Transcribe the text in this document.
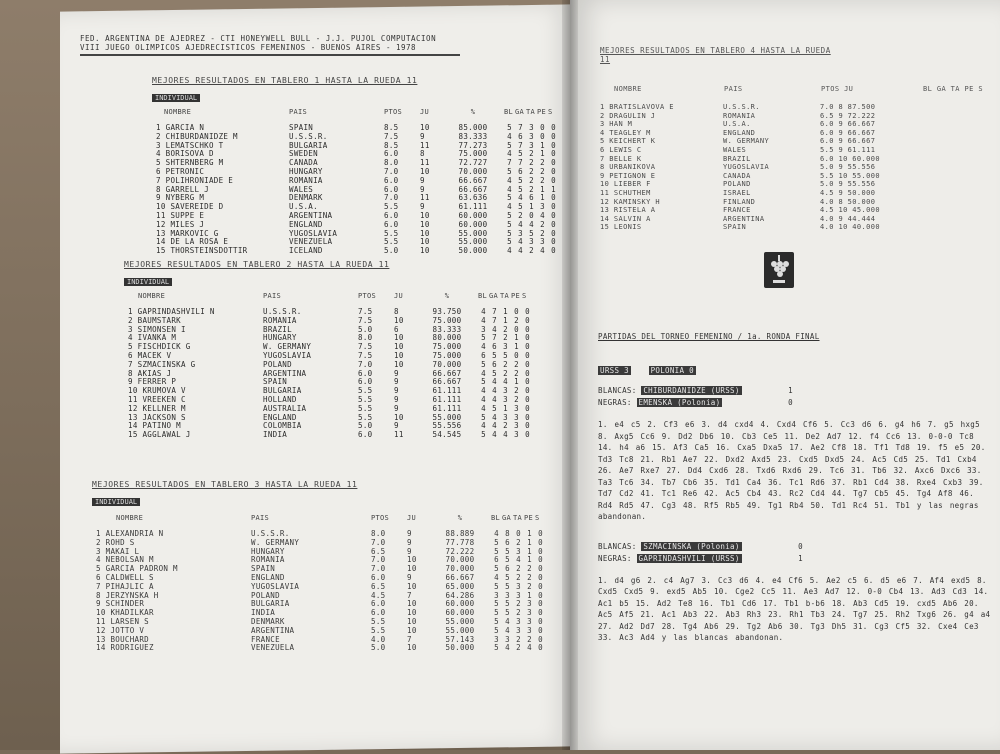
FED. ARGENTINA DE AJEDREZ - CTI HONEYWELL BULL - J.J. PUJOL COMPUTACION
VIII JUEGO OLIMPICOS AJEDRECISTICOS FEMENINOS - BUENOS AIRES - 1978
MEJORES RESULTADOS EN TABLERO 1 HASTA LA RUEDA 11
INDIVIDUAL
NOMBRE	PAIS	PTOS	JU	%	BL	GA	TA	PE	S
1 GARCIA N	SPAIN	8.5	10	85.000	5	7	3	0	0
2 CHIBURDANIDZE M	U.S.S.R.	7.5	9	83.333	4	6	3	0	0
3 LEMATSCHKO T	BULGARIA	8.5	11	77.273	5	7	3	1	0
4 BORISOVA D	SWEDEN	6.0	8	75.000	4	5	2	1	0
5 SHTERNBERG M	CANADA	8.0	11	72.727	7	7	2	2	0
6 PETRONIC	HUNGARY	7.0	10	70.000	5	6	2	2	0
7 POLIHRONIADE E	ROMANIA	6.0	9	66.667	4	5	2	2	0
8 GARRELL J	WALES	6.0	9	66.667	4	5	2	1	1
9 NYBERG M	DENMARK	7.0	11	63.636	5	4	6	1	0
10 SAVEREIDE D	U.S.A.	5.5	9	61.111	4	5	1	3	0
11 SUPPE E	ARGENTINA	6.0	10	60.000	5	2	0	4	0
12 MILES J	ENGLAND	6.0	10	60.000	5	4	4	2	0
13 MARKOVIC G	YUGOSLAVIA	5.5	10	55.000	5	3	5	2	0
14 DE LA ROSA E	VENEZUELA	5.5	10	55.000	5	4	3	3	0
15 THORSTEINSDOTTIR	ICELAND	5.0	10	50.000	4	4	2	4	0
MEJORES RESULTADOS EN TABLERO 2 HASTA LA RUEDA 11
INDIVIDUAL
NOMBRE	PAIS	PTOS	JU	%	BL	GA	TA	PE	S
1 GAPRINDASHVILI N	U.S.S.R.	7.5	8	93.750	4	7	1	0	0
2 BAUMSTARK	ROMANIA	7.5	10	75.000	4	7	1	2	0
3 SIMONSEN I	BRAZIL	5.0	6	83.333	3	4	2	0	0
4 IVANKA M	HUNGARY	8.0	10	80.000	5	7	2	1	0
5 FISCHDICK G	W. GERMANY	7.5	10	75.000	4	6	3	1	0
6 MACEK V	YUGOSLAVIA	7.5	10	75.000	6	5	5	0	0
7 SZMACINSKA G	POLAND	7.0	10	70.000	5	6	2	2	0
8 AKIAS J	ARGENTINA	6.0	9	66.667	4	5	2	2	0
9 FERRER P	SPAIN	6.0	9	66.667	5	4	4	1	0
10 KRUMOVA V	BULGARIA	5.5	9	61.111	4	4	3	2	0
11 VREEKEN C	HOLLAND	5.5	9	61.111	4	4	3	2	0
12 KELLNER M	AUSTRALIA	5.5	9	61.111	4	5	1	3	0
13 JACKSON S	ENGLAND	5.5	10	55.000	5	4	3	3	0
14 PATINO M	COLOMBIA	5.0	9	55.556	4	4	2	3	0
15 AGGLAWAL J	INDIA	6.0	11	54.545	5	4	4	3	0
MEJORES RESULTADOS EN TABLERO 3 HASTA LA RUEDA 11
INDIVIDUAL
NOMBRE	PAIS	PTOS	JU	%	BL	GA	TA	PE	S
1 ALEXANDRIA N	U.S.S.R.	8.0	9	88.889	4	8	0	1	0
2 ROHD S	W. GERMANY	7.0	9	77.778	5	6	2	1	0
3 MAKAI L	HUNGARY	6.5	9	72.222	5	5	3	1	0
4 NEBOLSAN M	ROMANIA	7.0	10	70.000	6	5	4	1	0
5 GARCIA PADRON M	SPAIN	7.0	10	70.000	5	6	2	2	0
6 CALDWELL S	ENGLAND	6.0	9	66.667	4	5	2	2	0
7 PIHAJLIC A	YUGOSLAVIA	6.5	10	65.000	5	5	3	2	0
8 JERZYNSKA H	POLAND	4.5	7	64.286	3	3	3	1	0
9 SCHINDER	BULGARIA	6.0	10	60.000	5	5	2	3	0
10 KHADILKAR	INDIA	6.0	10	60.000	5	5	2	3	0
11 LARSEN S	DENMARK	5.5	10	55.000	5	4	3	3	0
12 JOTTO V	ARGENTINA	5.5	10	55.000	5	4	3	3	0
13 BOUCHARD	FRANCE	4.0	7	57.143	3	3	2	2	0
14 RODRIGUEZ	VENEZUELA	5.0	10	50.000	5	4	2	4	0
MEJORES RESULTADOS EN TABLERO 4 HASTA LA RUEDA 11
NOMBRE	PAIS	PTOS JU	BL GA TA PE S
1 BRATISLAVOVA E	U.S.S.R.	7.0 8 87.500	
2 DRAGULIN J	ROMANIA	6.5 9 72.222	
3 HAN M	U.S.A.	6.0 9 66.667	
4 TEAGLEY M	ENGLAND	6.0 9 66.667	
5 KEICHERT K	W. GERMANY	6.0 9 66.667	
6 LEWIS C	WALES	5.5 9 61.111	
7 BELLE K	BRAZIL	6.0 10 60.000	
8 URBANIKOVA	YUGOSLAVIA	5.0 9 55.556	
9 PETIGNON E	CANADA	5.5 10 55.000	
10 LIEBER F	POLAND	5.0 9 55.556	
11 SCHUTHEM	ISRAEL	4.5 9 50.000	
12 KAMINSKY H	FINLAND	4.0 8 50.000	
13 RISTELA A	FRANCE	4.5 10 45.000	
14 SALVIN A	ARGENTINA	4.0 9 44.444	
15 LEONIS	SPAIN	4.0 10 40.000	
PARTIDAS DEL TORNEO FEMENINO / 1a. RONDA FINAL
URSS 3	POLONIA 0
BLANCAS: CHIBURDANIDZE (URSS)	1
NEGRAS: EMENSKA (Polonia)	0
1. e4 c5 2. Cf3 e6 3. d4 cxd4 4. Cxd4 Cf6 5. Cc3 d6 6. g4 h6 7. g5 hxg5 8. Axg5 Cc6 9. Dd2 Db6 10. Cb3 Ce5 11. De2 Ad7 12. f4 Cc6 13. 0-0-0 Tc8 14. h4 a6 15. Af3 Ca5 16. Cxa5 Dxa5 17. Ae2 Cf8 18. Tf1 Td8 19. f5 e5 20. Td3 Tc8 21. Rb1 Ae7 22. Dxd2 Axd5 23. Cxd5 Dxd5 24. Ac5 Cd5 25. Td1 Cxb4 26. Ae7 Rxe7 27. Dd4 Cxd6 28. Txd6 Rxd6 29. Tc6 31. Tb6 32. Axc6 Dxc6 33. Ta3 Tc6 34. Tb7 Cb6 35. Td1 Ca4 36. Tc1 Rd6 37. Rb1 Cd4 38. Rxe4 Cxb3 39. Td7 Cd2 41. Tc1 Re6 42. Ac5 Cb4 43. Rc2 Cd4 44. Tg7 Cb5 45. Tg4 Af8 46. Rd4 Rd5 47. Cg3 48. Rf5 Rb5 49. Tg1 Rb4 50. Td1 Rc4 51. Tb1 y las negras abandonan.
BLANCAS: SZMACINSKA (Polonia)	0
NEGRAS: GAPRINDASHVILI (URSS)	1
1. d4 g6 2. c4 Ag7 3. Cc3 d6 4. e4 Cf6 5. Ae2 c5 6. d5 e6 7. Af4 exd5 8. Cxd5 Cxd5 9. exd5 Ab5 10. Cge2 Cc5 11. Ae3 Ad7 12. 0-0 Cb4 13. Ad3 Cd3 14. Ac1 b5 15. Ad2 Te8 16. Tb1 Cd6 17. Tb1 b-b6 18. Ab3 Cd5 19. cxd5 Ab6 20. Ac5 Af5 21. Ac1 Ab3 22. Ab3 Rh3 23. Rh1 Tb3 24. Tg7 25. Rh2 Txg6 26. g4 a4 27. Ad2 Dd7 28. Tg4 Ab6 29. Tg2 Ab6 30. Tg3 Dh5 31. Cg3 Cf5 32. Cxe4 Ce3 33. Ac3 Ad4 y las blancas abandonan.
